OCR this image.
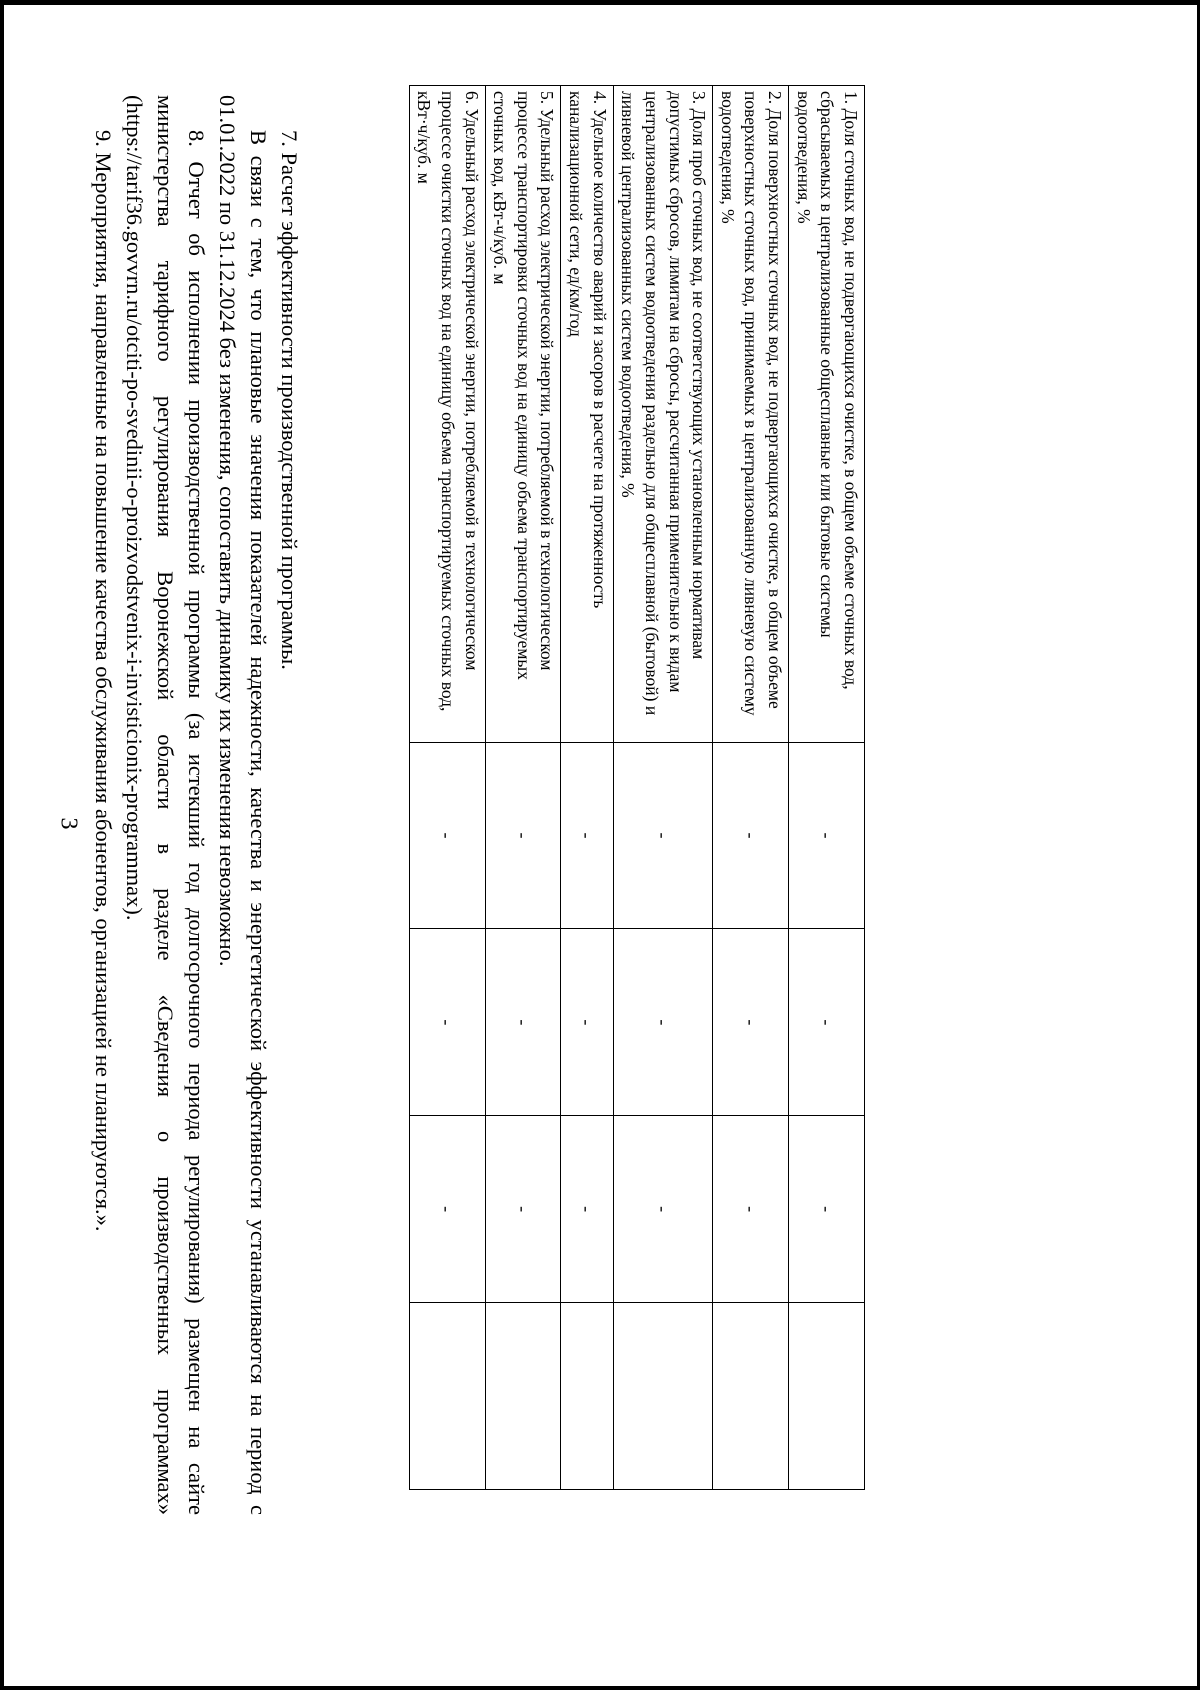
3
1. Доля сточных вод, не подвергающихся очистке, в общем объеме сточных вод, сбрасываемых в централизованные общесплавные или бытовые системы водоотведения, %	-	-	-	
2. Доля поверхностных сточных вод, не подвергающихся очистке, в общем объеме поверхностных сточных вод, принимаемых в централизованную ливневую систему водоотведения, %	-	-	-	
3. Доля проб сточных вод, не соответствующих установленным нормативам допустимых сбросов, лимитам на сбросы, рассчитанная применительно к видам централизованных систем водоотведения раздельно для общесплавной (бытовой) и ливневой централизованных систем водоотведения, %	-	-	-	
4. Удельное количество аварий и засоров в расчете на протяженность канализационной сети, ед/км/год	-	-	-	
5. Удельный расход электрической энергии, потребляемой в технологическом процессе транспортировки сточных вод на единицу объема транспортируемых сточных вод, кВт-ч/куб. м	-	-	-	
6. Удельный расход электрической энергии, потребляемой в технологическом процессе очистки сточных вод на единицу объема транспортируемых сточных вод, кВт·ч/куб. м	-	-	-	

7. Расчет эффективности производственной программы.

В связи с тем, что плановые значения показателей надежности, качества и энергетической эффективности устанавливаются на период с 01.01.2022 по 31.12.2024 без изменения, сопоставить динамику их изменения невозможно.

8. Отчет об исполнении производственной программы (за истекший год долгосрочного периода регулирования) размещен на сайте министерства тарифного регулирования Воронежской области в разделе «Сведения о производственных программах» (https://tarif36.govvrn.ru/otciti-po-svedinii-o-proizvodstvenix-i-invisticionix-programmax).

9. Мероприятия, направленные на повышение качества обслуживания абонентов, организацией не планируются.».
